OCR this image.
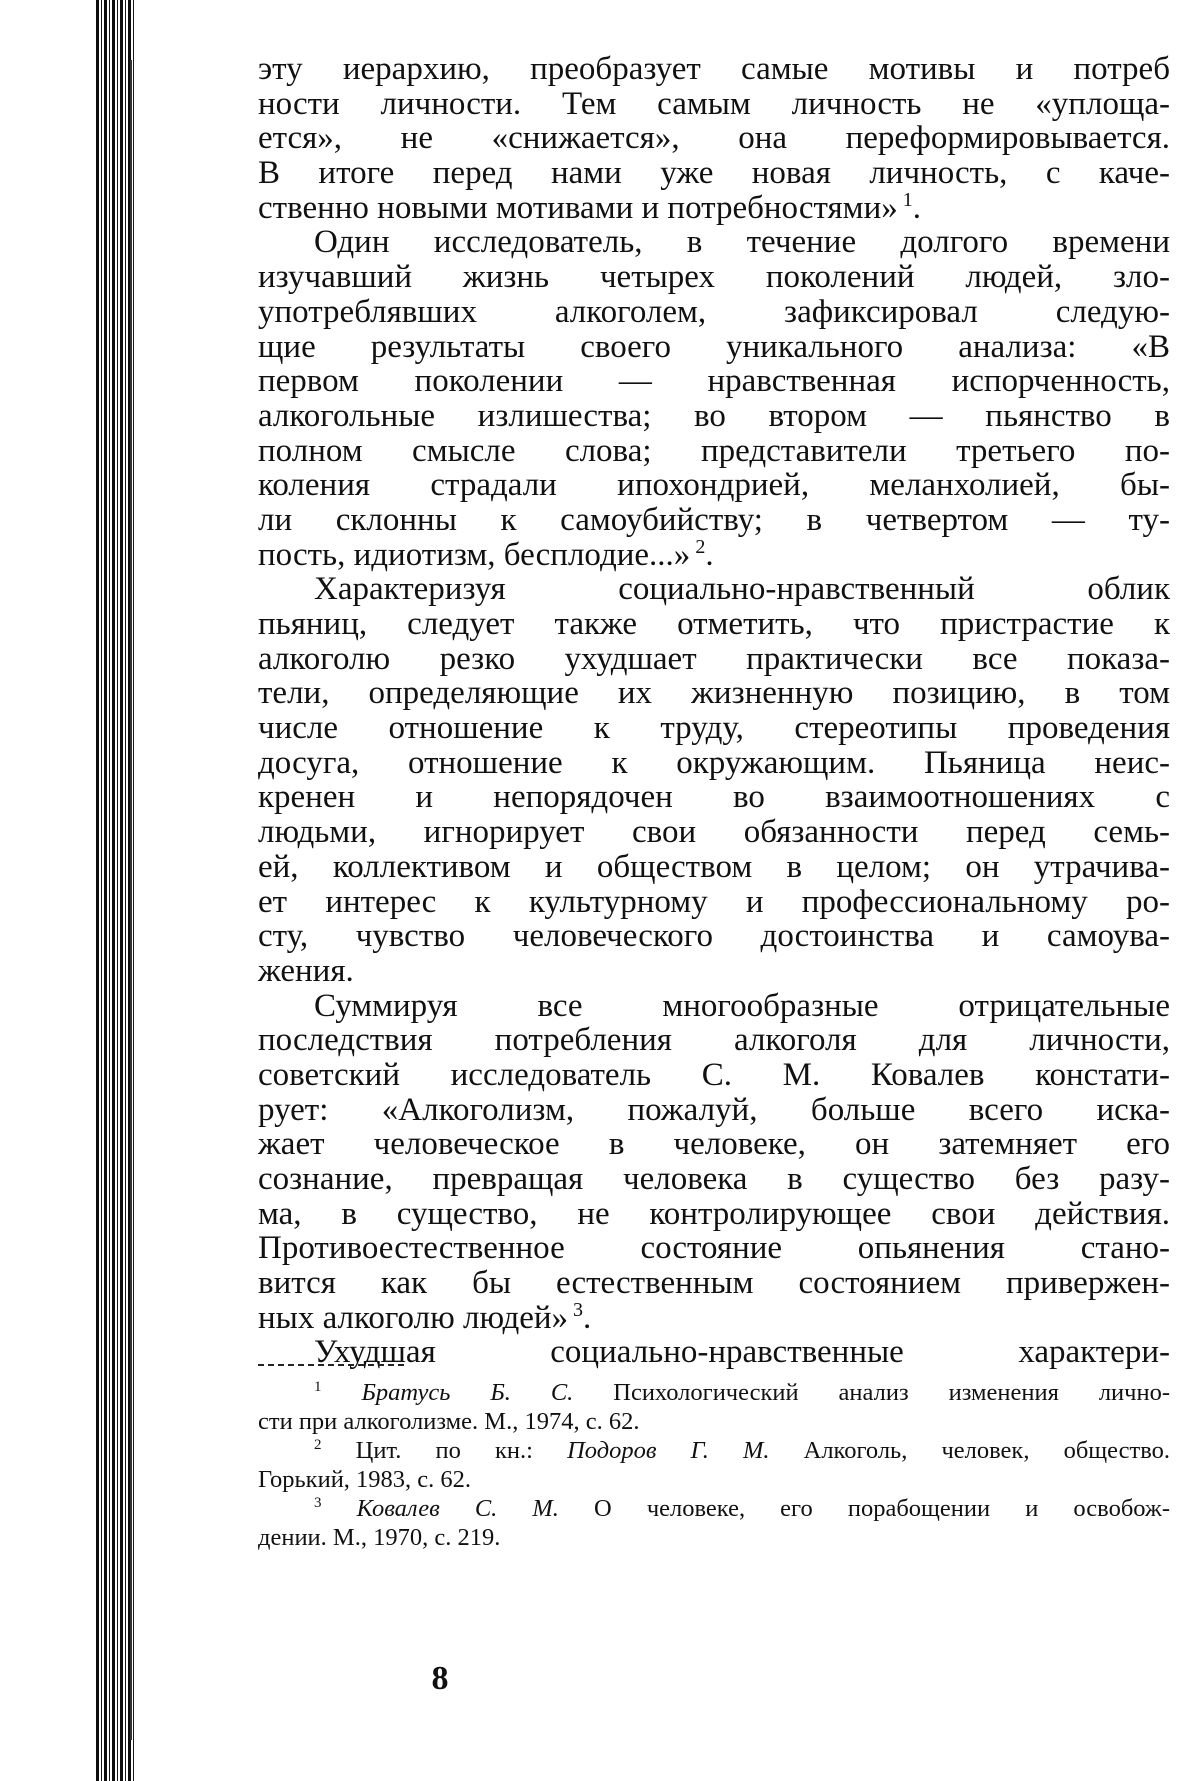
эту иерархию, преобразует самые мотивы и потреб
ности личности. Тем самым личность не «уплоща-
ется», не «снижается», она переформировывается.
В итоге перед нами уже новая личность, с каче-
ственно новыми мотивами и потребностями» $^1$.
Один исследователь, в течение долгого времени
изучавший жизнь четырех поколений людей, зло-
употреблявших алкоголем, зафиксировал следую-
щие результаты своего уникального анализа: «В
первом поколении — нравственная испорченность,
алкогольные излишества; во втором — пьянство в
полном смысле слова; представители третьего по-
коления страдали ипохондрией, меланхолией, бы-
ли склонны к самоубийству; в четвертом — ту-
пость, идиотизм, бесплодие...» $^2$.
Характеризуя социально-нравственный облик
пьяниц, следует также отметить, что пристрастие к
алкоголю резко ухудшает практически все показа-
тели, определяющие их жизненную позицию, в том
числе отношение к труду, стереотипы проведения
досуга, отношение к окружающим. Пьяница неис-
кренен и непорядочен во взаимоотношениях с
людьми, игнорирует свои обязанности перед семь-
ей, коллективом и обществом в целом; он утрачива-
ет интерес к культурному и профессиональному ро-
сту, чувство человеческого достоинства и самоува-
жения.
Суммируя все многообразные отрицательные
последствия потребления алкоголя для личности,
советский исследователь С. М. Ковалев констати-
рует: «Алкоголизм, пожалуй, больше всего иска-
жает человеческое в человеке, он затемняет его
сознание, превращая человека в существо без разу-
ма, в существо, не контролирующее свои действия.
Противоестественное состояние опьянения стано-
вится как бы естественным состоянием привержен-
ных алкоголю людей» $^3$.
Ухудшая социально-нравственные характери-
$^1$ Братусь Б. С. Психологический анализ изменения лично-
сти при алкоголизме. М., 1974, с. 62.
$^2$ Цит. по кн.: Подоров Г. М. Алкоголь, человек, общество.
Горький, 1983, с. 62.
$^3$ Ковалев С. М. О человеке, его порабощении и освобож-
дении. М., 1970, с. 219.
8
